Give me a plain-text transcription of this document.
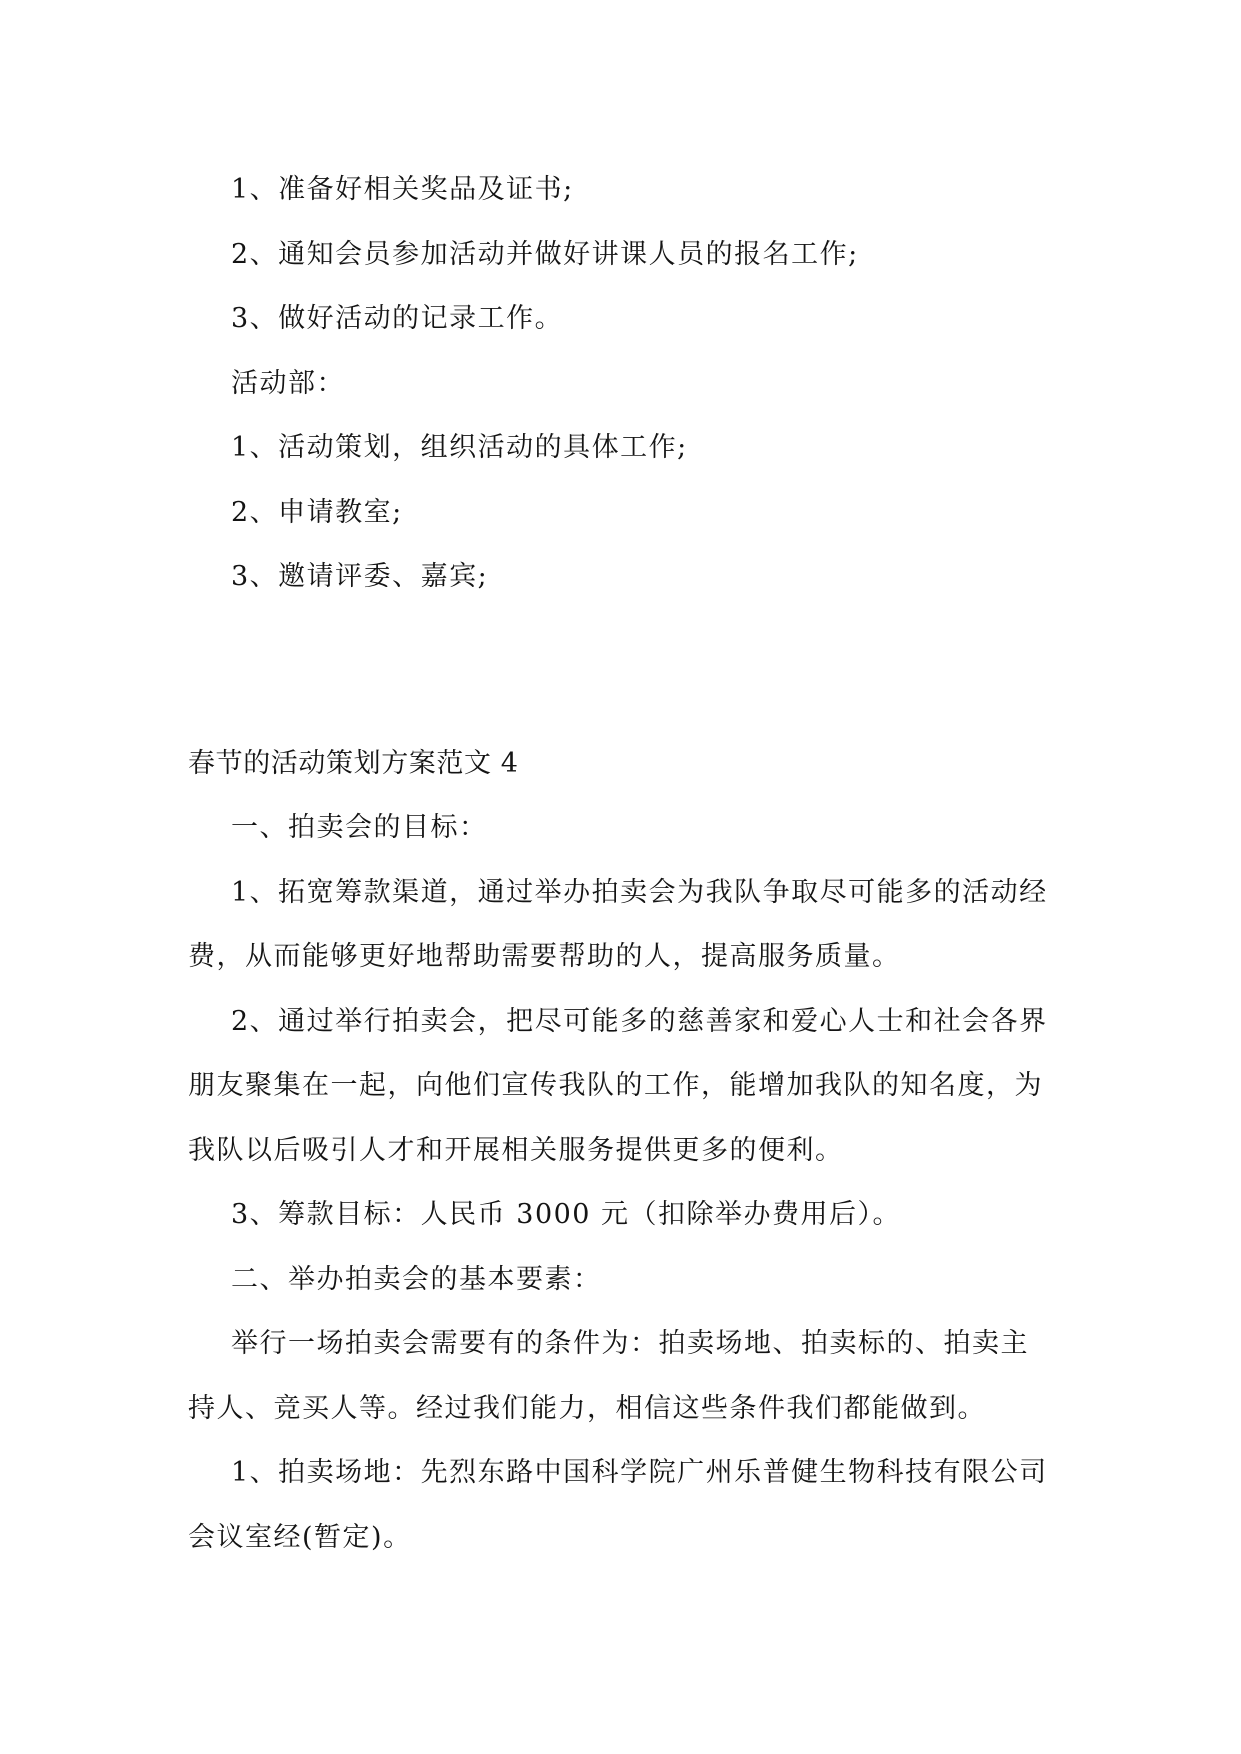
1、准备好相关奖品及证书;

2、通知会员参加活动并做好讲课人员的报名工作;

3、做好活动的记录工作。

活动部：

1、活动策划，组织活动的具体工作;

2、申请教室;

3、邀请评委、嘉宾;

春节的活动策划方案范文 4

一、拍卖会的目标：

1、拓宽筹款渠道，通过举办拍卖会为我队争取尽可能多的活动经

费，从而能够更好地帮助需要帮助的人，提高服务质量。

2、通过举行拍卖会，把尽可能多的慈善家和爱心人士和社会各界

朋友聚集在一起，向他们宣传我队的工作，能增加我队的知名度，为

我队以后吸引人才和开展相关服务提供更多的便利。

3、筹款目标：人民币 3000 元（扣除举办费用后）。

二、举办拍卖会的基本要素：

举行一场拍卖会需要有的条件为：拍卖场地、拍卖标的、拍卖主

持人、竞买人等。经过我们能力，相信这些条件我们都能做到。

1、拍卖场地：先烈东路中国科学院广州乐普健生物科技有限公司

会议室经(暂定)。
